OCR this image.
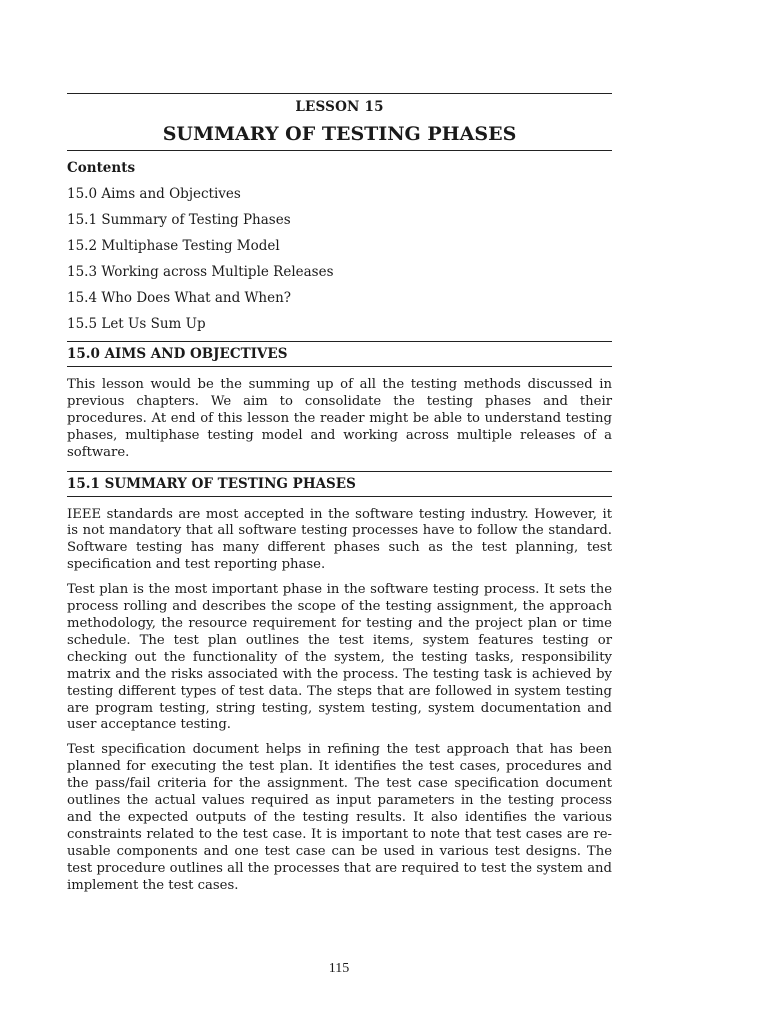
LESSON 15
SUMMARY OF TESTING PHASES
Contents
15.0 Aims and Objectives
15.1 Summary of Testing Phases
15.2 Multiphase Testing Model
15.3 Working across Multiple Releases
15.4 Who Does What and When?
15.5 Let Us Sum Up
15.0 AIMS AND OBJECTIVES

This lesson would be the summing up of all the testing methods discussed in previous chapters. We aim to consolidate the testing phases and their procedures. At end of this lesson the reader might be able to understand testing phases, multiphase testing model and working across multiple releases of a software.

15.1 SUMMARY OF TESTING PHASES

IEEE standards are most accepted in the software testing industry. However, it is not mandatory that all software testing processes have to follow the standard. Software testing has many different phases such as the test planning, test specification and test reporting phase.

Test plan is the most important phase in the software testing process. It sets the process rolling and describes the scope of the testing assignment, the approach methodology, the resource requirement for testing and the project plan or time schedule. The test plan outlines the test items, system features testing or checking out the functionality of the system, the testing tasks, responsibility matrix and the risks associated with the process. The testing task is achieved by testing different types of test data. The steps that are followed in system testing are program testing, string testing, system testing, system documentation and user acceptance testing.

Test specification document helps in refining the test approach that has been planned for executing the test plan. It identifies the test cases, procedures and the pass/fail criteria for the assignment. The test case specification document outlines the actual values required as input parameters in the testing process and the expected outputs of the testing results. It also identifies the various constraints related to the test case. It is important to note that test cases are re-usable components and one test case can be used in various test designs. The test procedure outlines all the processes that are required to test the system and implement the test cases.

115
